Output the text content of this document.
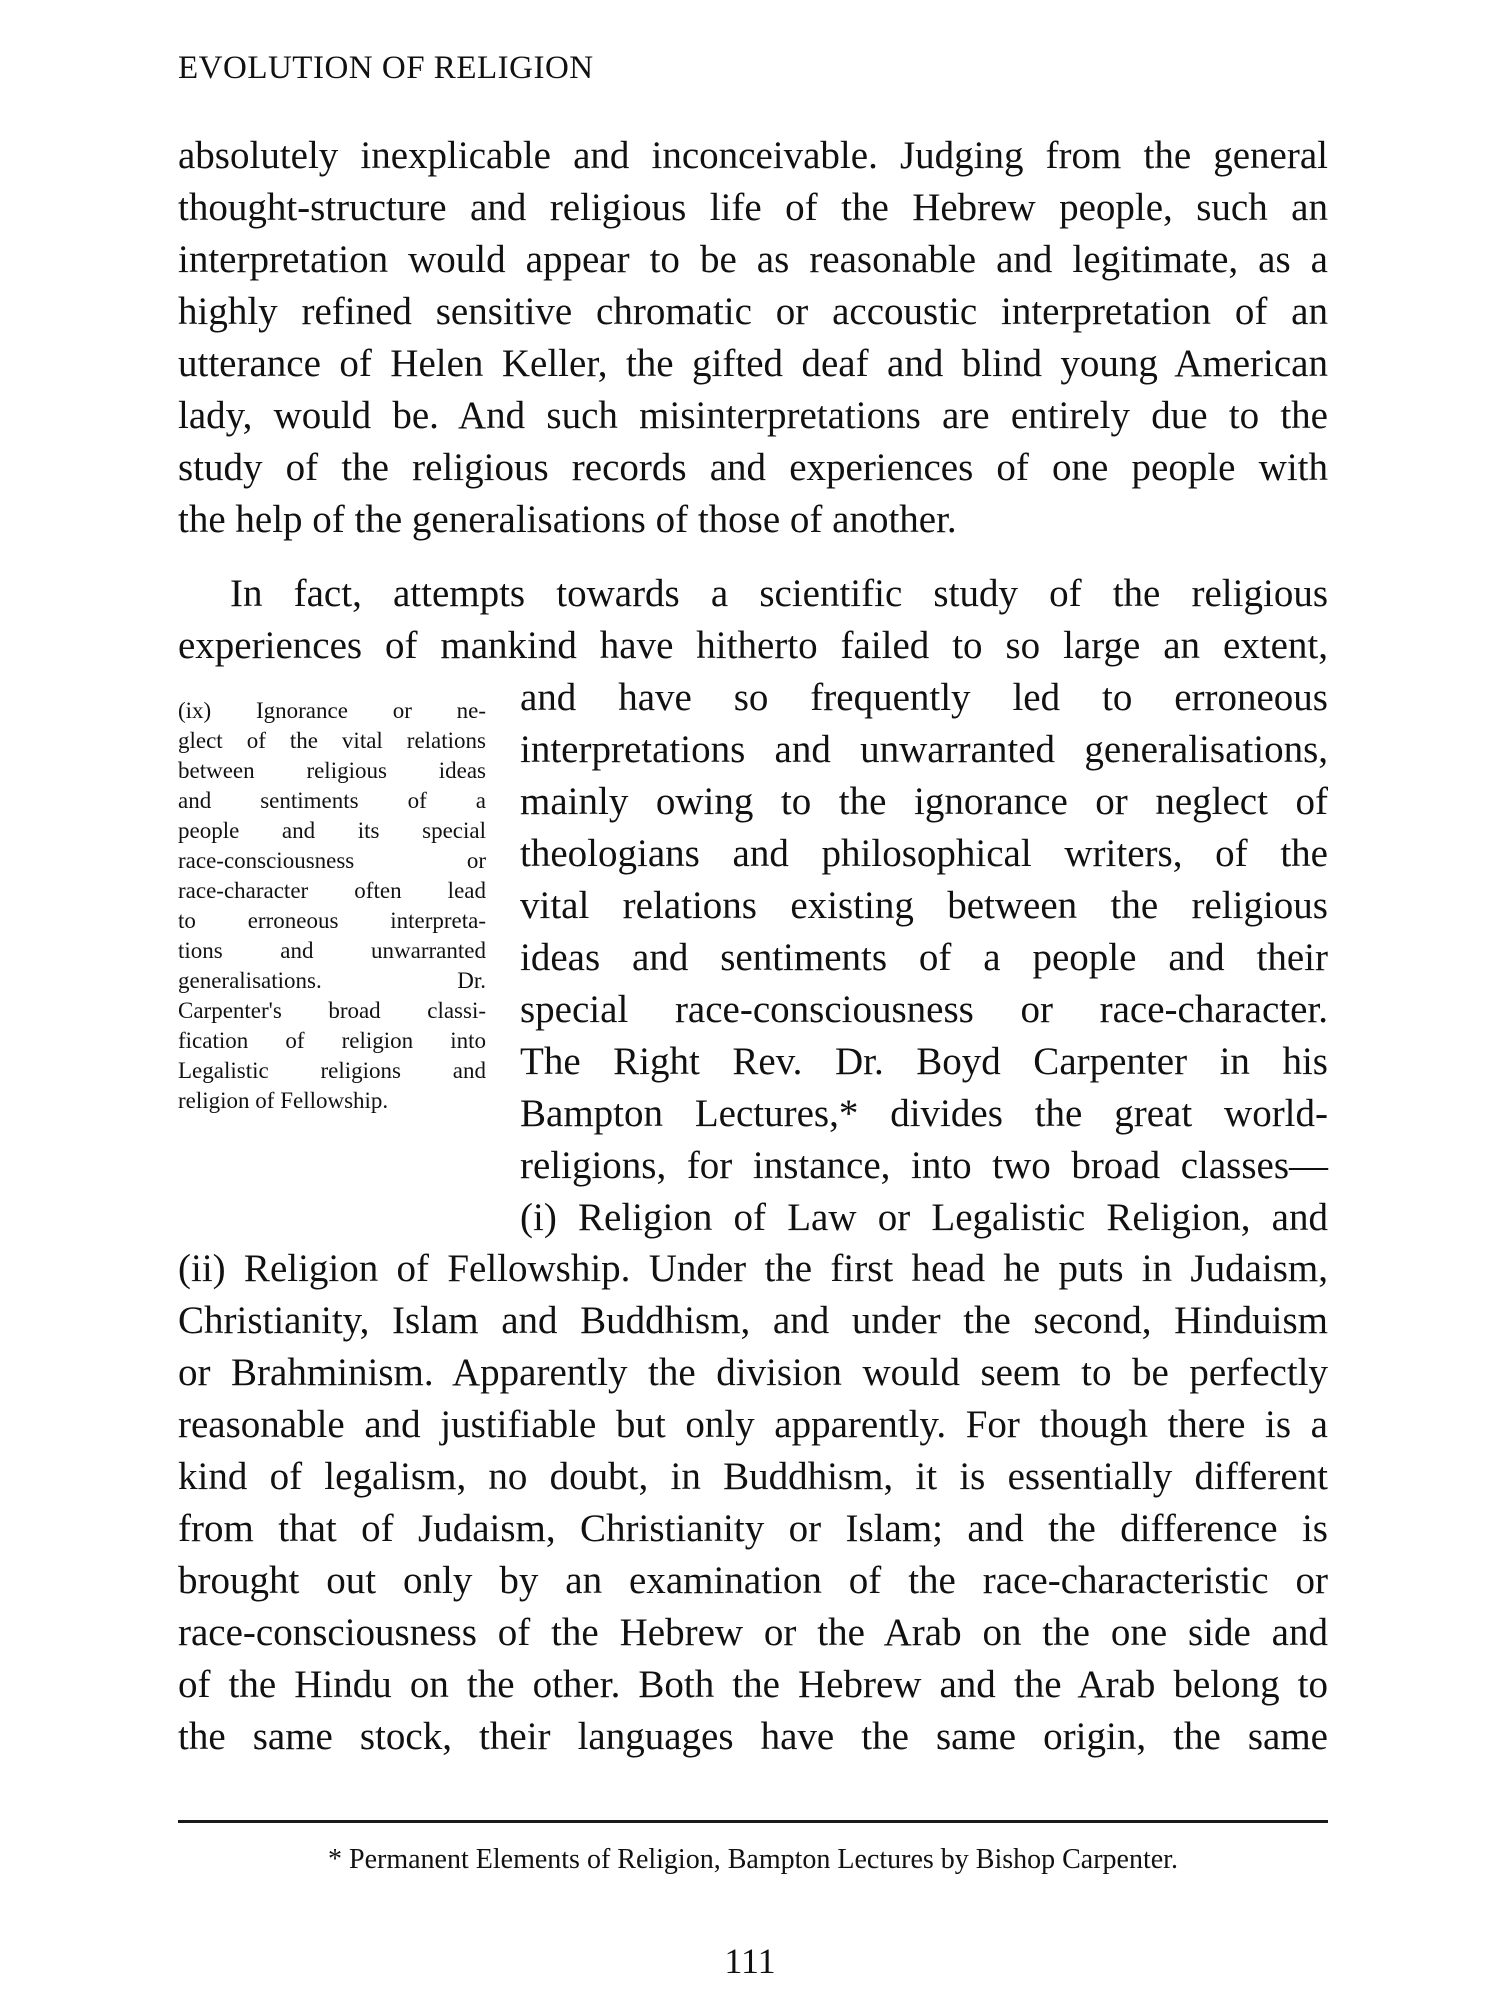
EVOLUTION OF RELIGION
absolutely inexplicable and inconceivable. Judging from the general
thought-structure and religious life of the Hebrew people, such an
interpretation would appear to be as reasonable and legitimate, as a
highly refined sensitive chromatic or accoustic interpretation of an
utterance of Helen Keller, the gifted deaf and blind young American
lady, would be. And such misinterpretations are entirely due to the
study of the religious records and experiences of one people with
the help of the generalisations of those of another.
In fact, attempts towards a scientific study of the religious
experiences of mankind have hitherto failed to so large an extent,
(ix) Ignorance or ne-
glect of the vital relations
between religious ideas
and sentiments of a
people and its special
race-consciousness or
race-character often lead
to erroneous interpreta-
tions and unwarranted
generalisations. Dr.
Carpenter's broad classi-
fication of religion into
Legalistic religions and
religion of Fellowship.
and have so frequently led to erroneous
interpretations and unwarranted generalisations,
mainly owing to the ignorance or neglect of
theologians and philosophical writers, of the
vital relations existing between the religious
ideas and sentiments of a people and their
special race-consciousness or race-character.
The Right Rev. Dr. Boyd Carpenter in his
Bampton Lectures,* divides the great world-
religions, for instance, into two broad classes—
(i) Religion of Law or Legalistic Religion, and
(ii) Religion of Fellowship. Under the first head he puts in Judaism,
Christianity, Islam and Buddhism, and under the second, Hinduism
or Brahminism. Apparently the division would seem to be perfectly
reasonable and justifiable but only apparently. For though there is a
kind of legalism, no doubt, in Buddhism, it is essentially different
from that of Judaism, Christianity or Islam; and the difference is
brought out only by an examination of the race-characteristic or
race-consciousness of the Hebrew or the Arab on the one side and
of the Hindu on the other. Both the Hebrew and the Arab belong to
the same stock, their languages have the same origin, the same
* Permanent Elements of Religion, Bampton Lectures by Bishop Carpenter.
111
